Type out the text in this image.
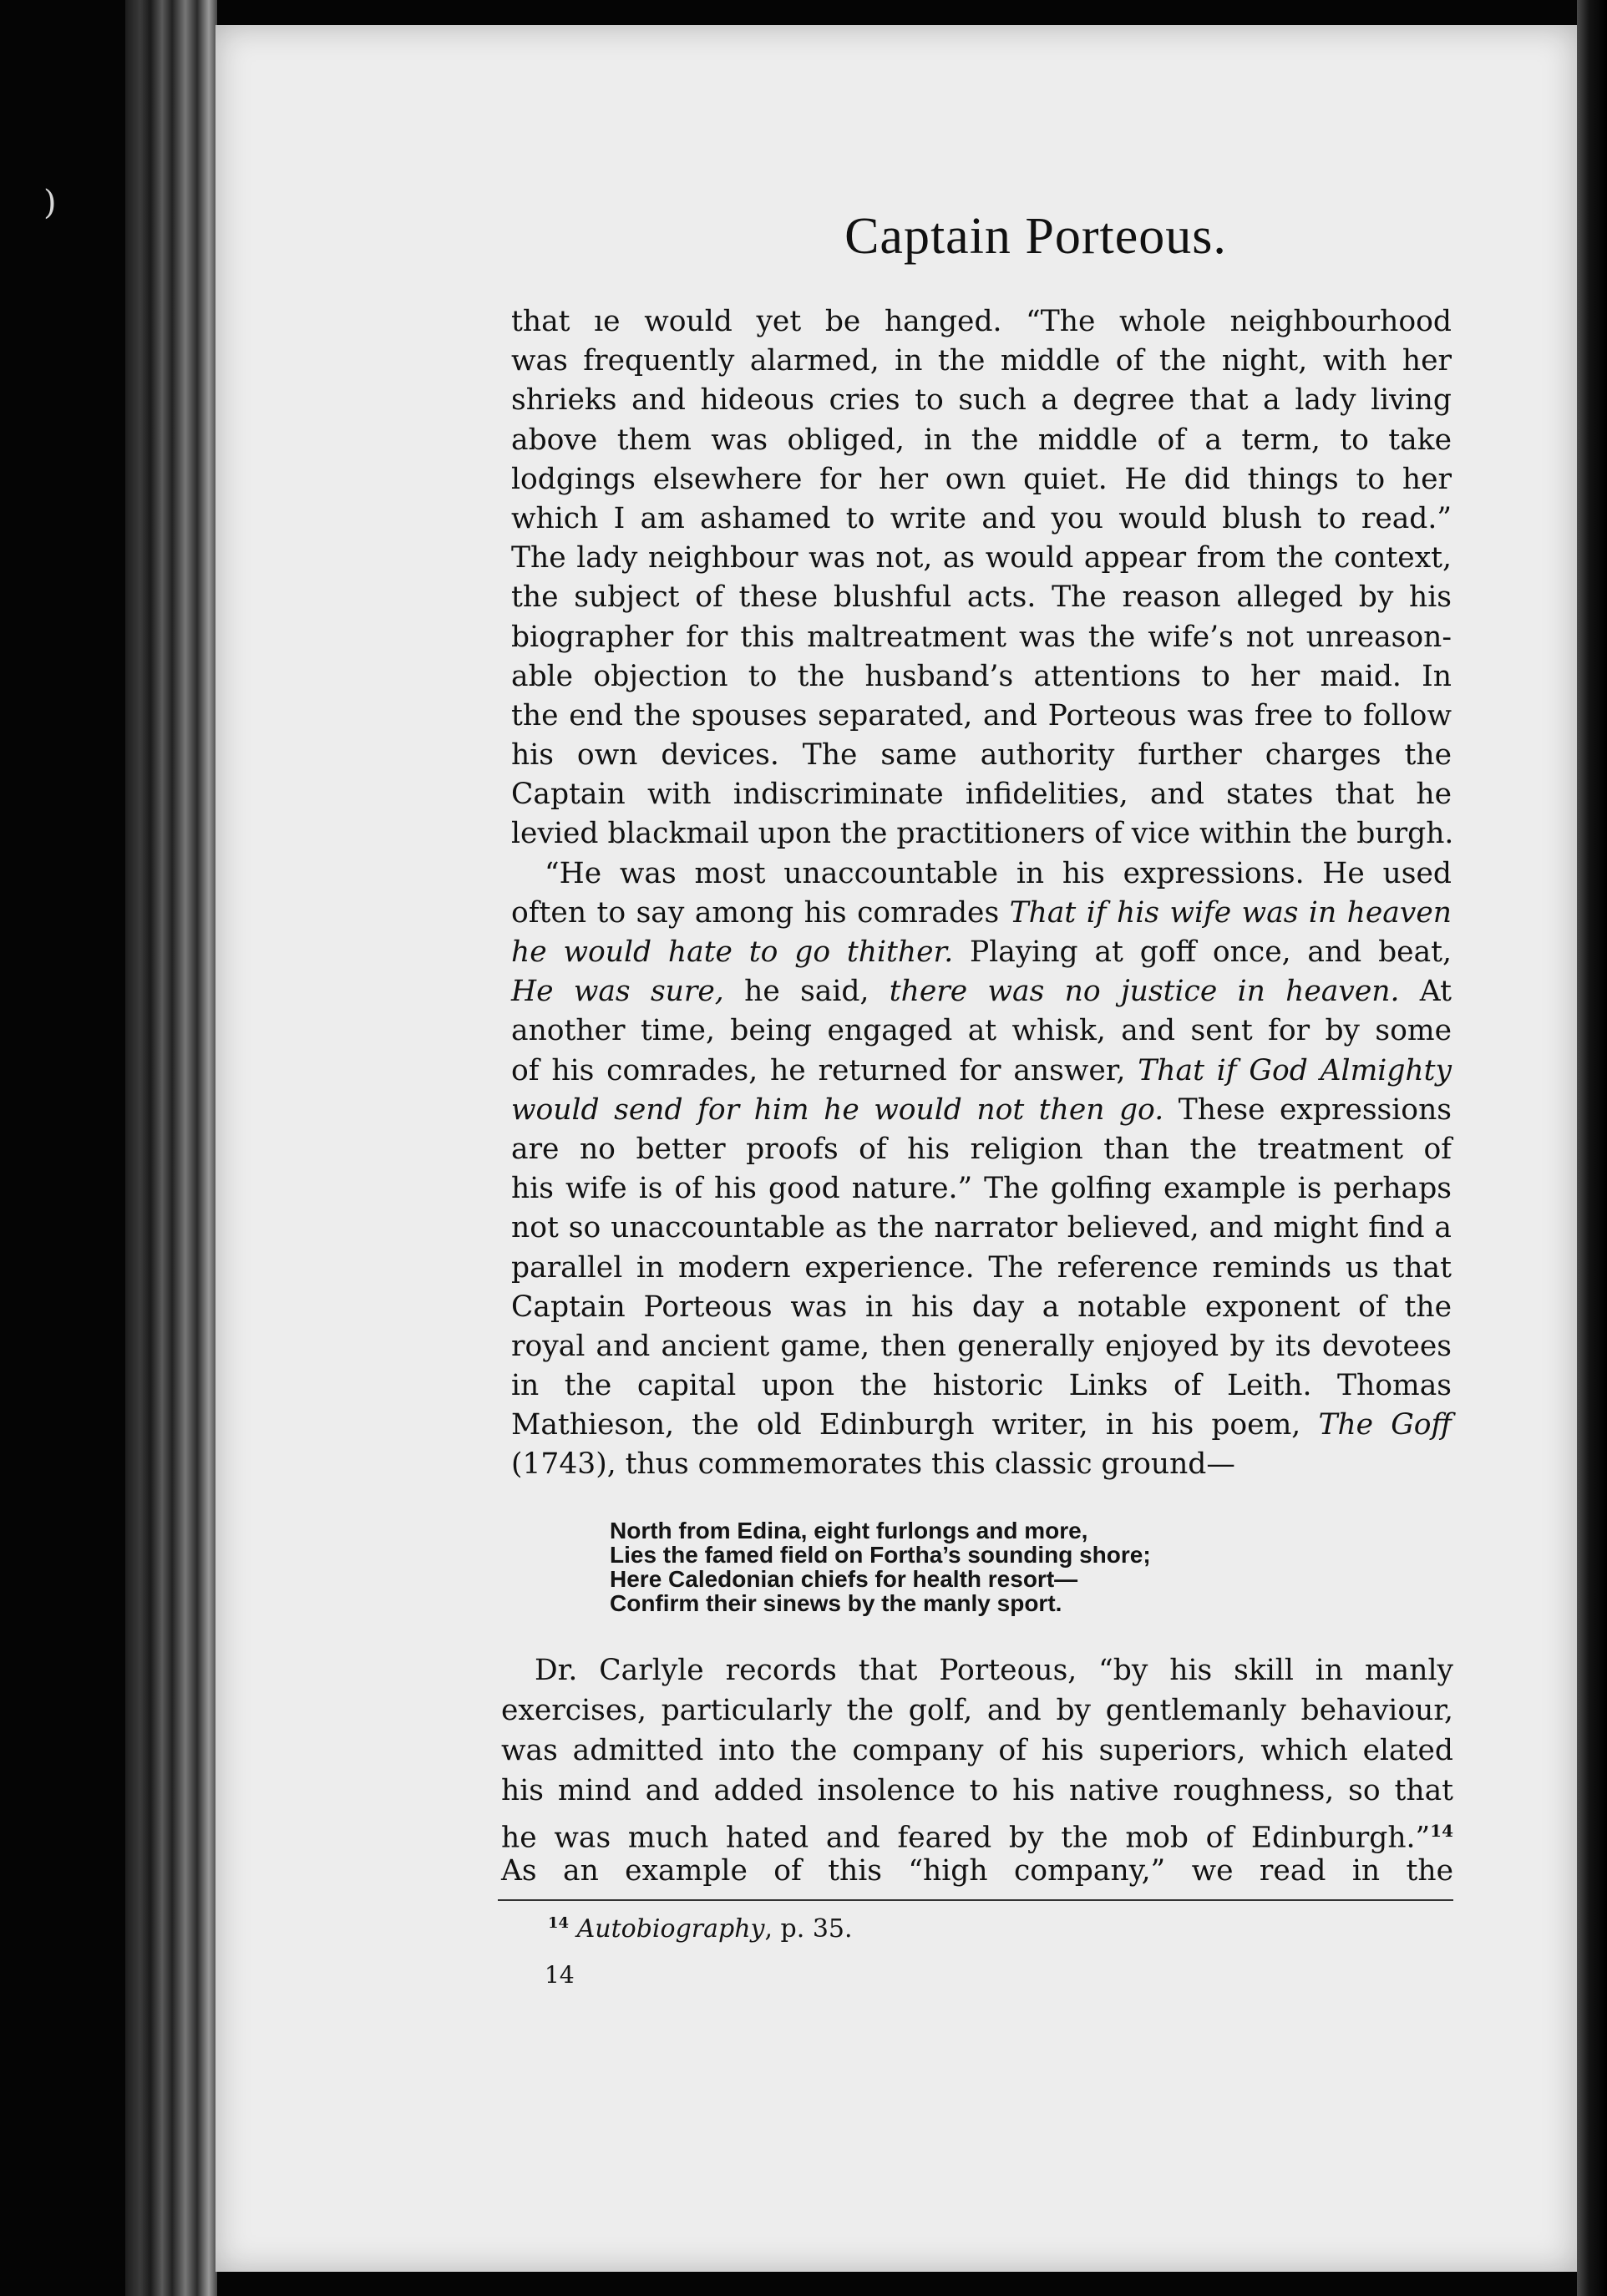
)
Captain Porteous.
that ıe would yet be hanged. “The whole neighbourhood
was frequently alarmed, in the middle of the night, with her
shrieks and hideous cries to such a degree that a lady living
above them was obliged, in the middle of a term, to take
lodgings elsewhere for her own quiet. He did things to her
which I am ashamed to write and you would blush to read.”
The lady neighbour was not, as would appear from the context,
the subject of these blushful acts. The reason alleged by his
biographer for this maltreatment was the wife’s not unreason-
able objection to the husband’s attentions to her maid. In
the end the spouses separated, and Porteous was free to follow
his own devices. The same authority further charges the
Captain with indiscriminate infidelities, and states that he
levied blackmail upon the practitioners of vice within the burgh.
“He was most unaccountable in his expressions. He used
often to say among his comrades That if his wife was in heaven
he would hate to go thither. Playing at goff once, and beat,
He was sure, he said, there was no justice in heaven. At
another time, being engaged at whisk, and sent for by some
of his comrades, he returned for answer, That if God Almighty
would send for him he would not then go. These expressions
are no better proofs of his religion than the treatment of
his wife is of his good nature.” The golfing example is perhaps
not so unaccountable as the narrator believed, and might find a
parallel in modern experience. The reference reminds us that
Captain Porteous was in his day a notable exponent of the
royal and ancient game, then generally enjoyed by its devotees
in the capital upon the historic Links of Leith. Thomas
Mathieson, the old Edinburgh writer, in his poem, The Goff
(1743), thus commemorates this classic ground—
North from Edina, eight furlongs and more,
Lies the famed field on Fortha’s sounding shore;
Here Caledonian chiefs for health resort—
Confirm their sinews by the manly sport.
Dr. Carlyle records that Porteous, “by his skill in manly
exercises, particularly the golf, and by gentlemanly behaviour,
was admitted into the company of his superiors, which elated
his mind and added insolence to his native roughness, so that
he was much hated and feared by the mob of Edinburgh.”$^{14}$
As an example of this “high company,” we read in the
$^{14}$ Autobiography, p. 35.
14
